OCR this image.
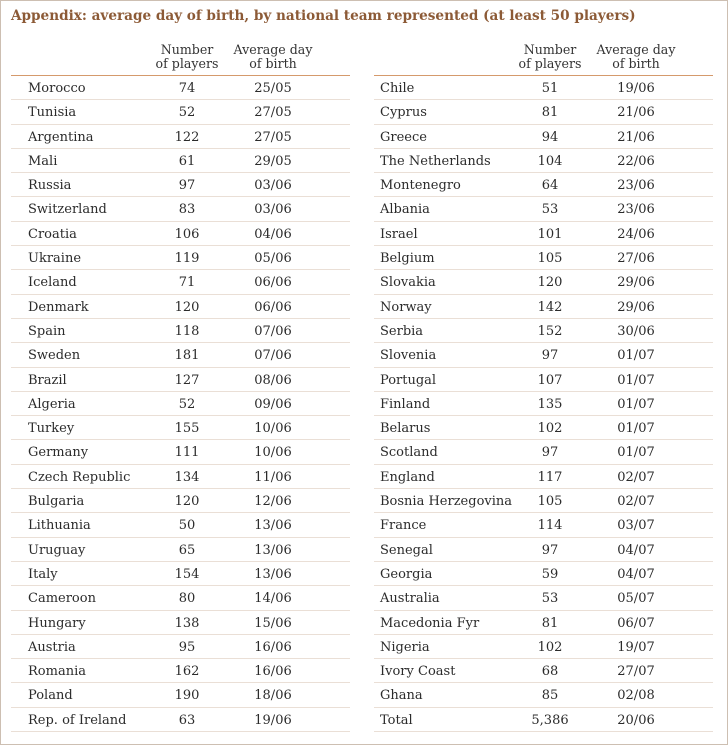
Appendix: average day of birth, by national team represented (at least 50 players)
Number
of players
Average day
of birth
Morocco	74	25/05
Tunisia	52	27/05
Argentina	122	27/05
Mali	61	29/05
Russia	97	03/06
Switzerland	83	03/06
Croatia	106	04/06
Ukraine	119	05/06
Iceland	71	06/06
Denmark	120	06/06
Spain	118	07/06
Sweden	181	07/06
Brazil	127	08/06
Algeria	52	09/06
Turkey	155	10/06
Germany	111	10/06
Czech Republic	134	11/06
Bulgaria	120	12/06
Lithuania	50	13/06
Uruguay	65	13/06
Italy	154	13/06
Cameroon	80	14/06
Hungary	138	15/06
Austria	95	16/06
Romania	162	16/06
Poland	190	18/06
Rep. of Ireland	63	19/06
Number
of players
Average day
of birth
Chile	51	19/06
Cyprus	81	21/06
Greece	94	21/06
The Netherlands	104	22/06
Montenegro	64	23/06
Albania	53	23/06
Israel	101	24/06
Belgium	105	27/06
Slovakia	120	29/06
Norway	142	29/06
Serbia	152	30/06
Slovenia	97	01/07
Portugal	107	01/07
Finland	135	01/07
Belarus	102	01/07
Scotland	97	01/07
England	117	02/07
Bosnia Herzegovina	105	02/07
France	114	03/07
Senegal	97	04/07
Georgia	59	04/07
Australia	53	05/07
Macedonia Fyr	81	06/07
Nigeria	102	19/07
Ivory Coast	68	27/07
Ghana	85	02/08
Total	5,386	20/06
